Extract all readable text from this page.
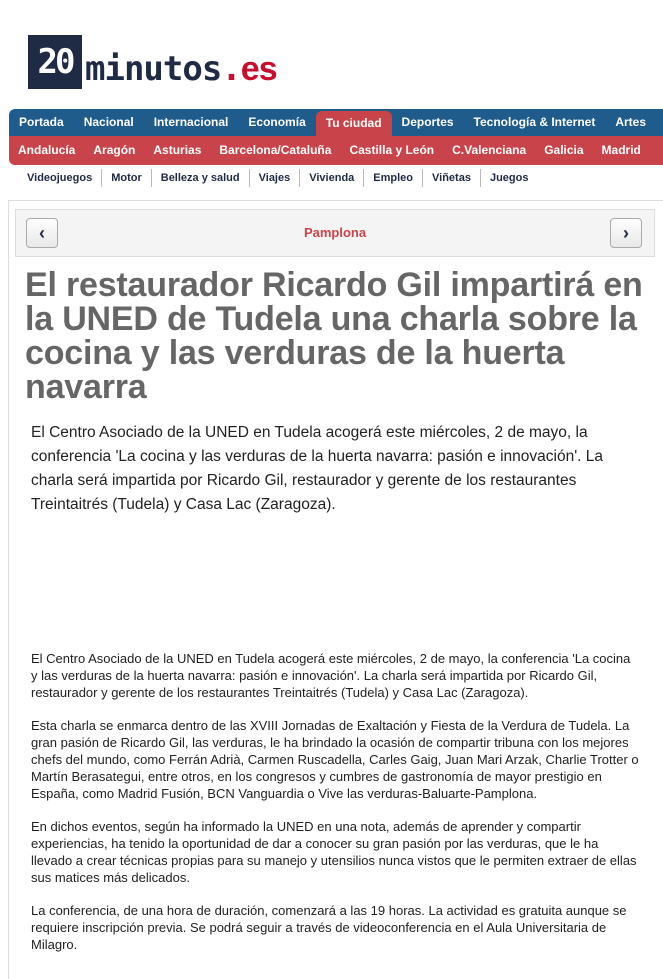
20 minutos.es
Portada	Nacional	Internacional	Economía	Tu ciudad	Deportes	Tecnología & Internet	Artes
Andalucía	Aragón	Asturias	Barcelona/Cataluña	Castilla y León	C.Valenciana	Galicia	Madrid
Videojuegos	Motor	Belleza y salud	Viajes	Vivienda	Empleo	Viñetas	Juegos
‹	Pamplona	›
El restaurador Ricardo Gil impartirá en la UNED de Tudela una charla sobre la cocina y las verduras de la huerta navarra

El Centro Asociado de la UNED en Tudela acogerá este miércoles, 2 de mayo, la conferencia 'La cocina y las verduras de la huerta navarra: pasión e innovación'. La charla será impartida por Ricardo Gil, restaurador y gerente de los restaurantes Treintaitrés (Tudela) y Casa Lac (Zaragoza).

El Centro Asociado de la UNED en Tudela acogerá este miércoles, 2 de mayo, la conferencia 'La cocina y las verduras de la huerta navarra: pasión e innovación'. La charla será impartida por Ricardo Gil, restaurador y gerente de los restaurantes Treintaitrés (Tudela) y Casa Lac (Zaragoza).

Esta charla se enmarca dentro de las XVIII Jornadas de Exaltación y Fiesta de la Verdura de Tudela. La gran pasión de Ricardo Gil, las verduras, le ha brindado la ocasión de compartir tribuna con los mejores chefs del mundo, como Ferrán Adrià, Carmen Ruscadella, Carles Gaig, Juan Mari Arzak, Charlie Trotter o Martín Berasategui, entre otros, en los congresos y cumbres de gastronomía de mayor prestigio en España, como Madrid Fusión, BCN Vanguardia o Vive las verduras-Baluarte-Pamplona.

En dichos eventos, según ha informado la UNED en una nota, además de aprender y compartir experiencias, ha tenido la oportunidad de dar a conocer su gran pasión por las verduras, que le ha llevado a crear técnicas propias para su manejo y utensilios nunca vistos que le permiten extraer de ellas sus matices más delicados.

La conferencia, de una hora de duración, comenzará a las 19 horas. La actividad es gratuita aunque se requiere inscripción previa. Se podrá seguir a través de videoconferencia en el Aula Universitaria de Milagro.
